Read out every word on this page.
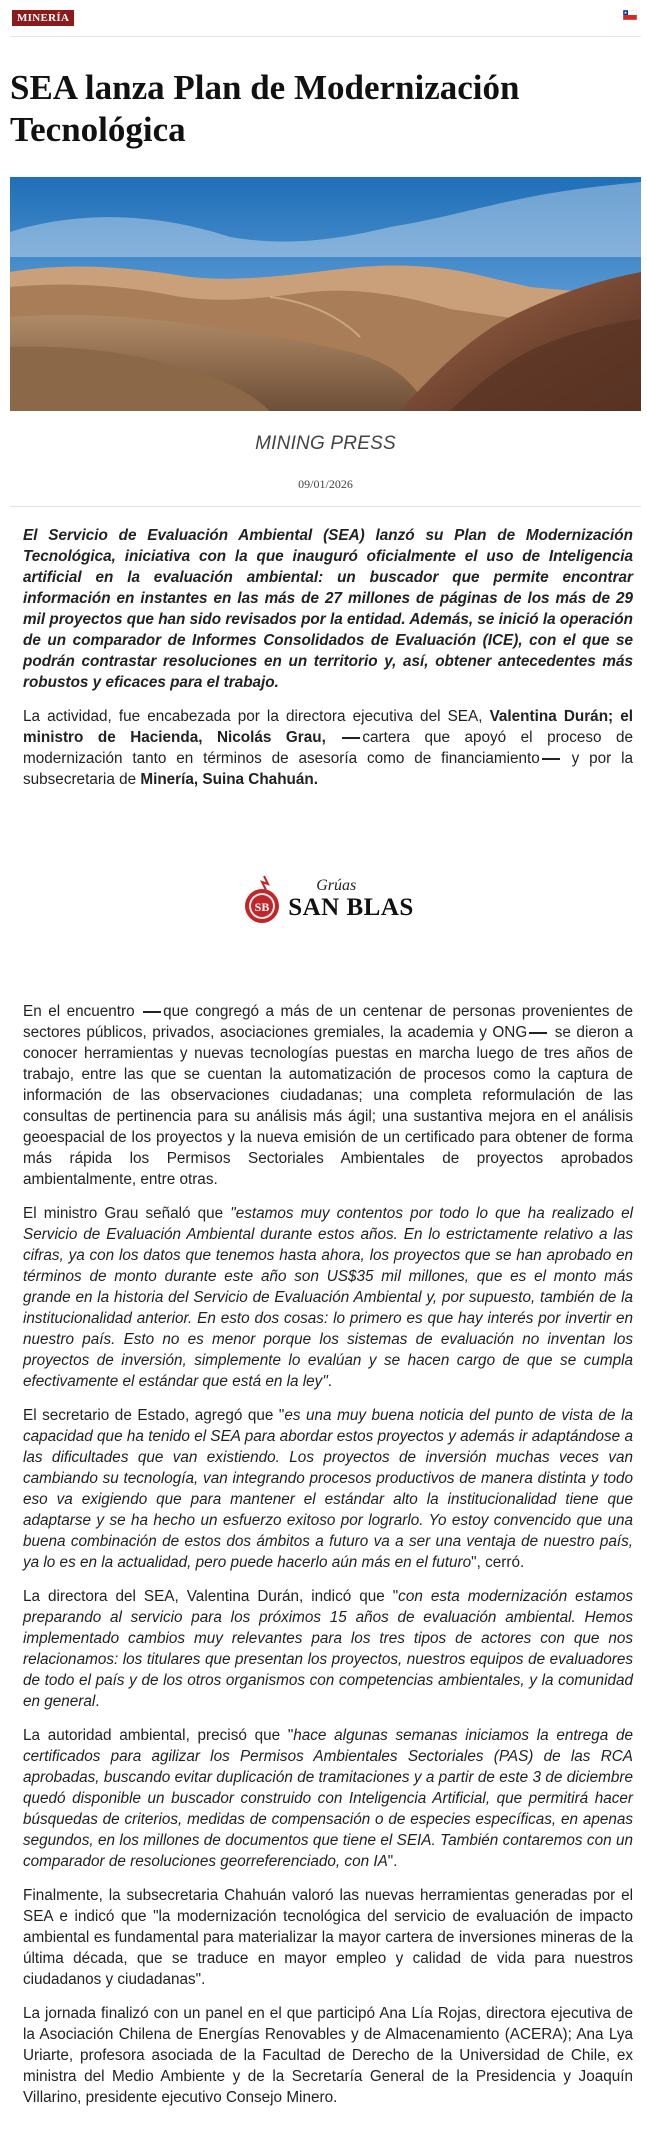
MINERÍA
SEA lanza Plan de Modernización Tecnológica
MINING PRESS
09/01/2026

El Servicio de Evaluación Ambiental (SEA) lanzó su Plan de Modernización Tecnológica, iniciativa con la que inauguró oficialmente el uso de Inteligencia artificial en la evaluación ambiental: un buscador que permite encontrar información en instantes en las más de 27 millones de páginas de los más de 29 mil proyectos que han sido revisados por la entidad. Además, se inició la operación de un comparador de Informes Consolidados de Evaluación (ICE), con el que se podrán contrastar resoluciones en un territorio y, así, obtener antecedentes más robustos y eficaces para el trabajo.

La actividad, fue encabezada por la directora ejecutiva del SEA, Valentina Durán; el ministro de Hacienda, Nicolás Grau, cartera que apoyó el proceso de modernización tanto en términos de asesoría como de financiamiento y por la subsecretaria de Minería, Suina Chahuán.

SB
Grúas
SAN BLAS

En el encuentro que congregó a más de un centenar de personas provenientes de sectores públicos, privados, asociaciones gremiales, la academia y ONG se dieron a conocer herramientas y nuevas tecnologías puestas en marcha luego de tres años de trabajo, entre las que se cuentan la automatización de procesos como la captura de información de las observaciones ciudadanas; una completa reformulación de las consultas de pertinencia para su análisis más ágil; una sustantiva mejora en el análisis geoespacial de los proyectos y la nueva emisión de un certificado para obtener de forma más rápida los Permisos Sectoriales Ambientales de proyectos aprobados ambientalmente, entre otras.

El ministro Grau señaló que "estamos muy contentos por todo lo que ha realizado el Servicio de Evaluación Ambiental durante estos años. En lo estrictamente relativo a las cifras, ya con los datos que tenemos hasta ahora, los proyectos que se han aprobado en términos de monto durante este año son US$35 mil millones, que es el monto más grande en la historia del Servicio de Evaluación Ambiental y, por supuesto, también de la institucionalidad anterior. En esto dos cosas: lo primero es que hay interés por invertir en nuestro país. Esto no es menor porque los sistemas de evaluación no inventan los proyectos de inversión, simplemente lo evalúan y se hacen cargo de que se cumpla efectivamente el estándar que está en la ley".

El secretario de Estado, agregó que "es una muy buena noticia del punto de vista de la capacidad que ha tenido el SEA para abordar estos proyectos y además ir adaptándose a las dificultades que van existiendo. Los proyectos de inversión muchas veces van cambiando su tecnología, van integrando procesos productivos de manera distinta y todo eso va exigiendo que para mantener el estándar alto la institucionalidad tiene que adaptarse y se ha hecho un esfuerzo exitoso por lograrlo. Yo estoy convencido que una buena combinación de estos dos ámbitos a futuro va a ser una ventaja de nuestro país, ya lo es en la actualidad, pero puede hacerlo aún más en el futuro", cerró.

La directora del SEA, Valentina Durán, indicó que "con esta modernización estamos preparando al servicio para los próximos 15 años de evaluación ambiental. Hemos implementado cambios muy relevantes para los tres tipos de actores con que nos relacionamos: los titulares que presentan los proyectos, nuestros equipos de evaluadores de todo el país y de los otros organismos con competencias ambientales, y la comunidad en general.

La autoridad ambiental, precisó que "hace algunas semanas iniciamos la entrega de certificados para agilizar los Permisos Ambientales Sectoriales (PAS) de las RCA aprobadas, buscando evitar duplicación de tramitaciones y a partir de este 3 de diciembre quedó disponible un buscador construido con Inteligencia Artificial, que permitirá hacer búsquedas de criterios, medidas de compensación o de especies específicas, en apenas segundos, en los millones de documentos que tiene el SEIA. También contaremos con un comparador de resoluciones georreferenciado, con IA".

Finalmente, la subsecretaria Chahuán valoró las nuevas herramientas generadas por el SEA e indicó que "la modernización tecnológica del servicio de evaluación de impacto ambiental es fundamental para materializar la mayor cartera de inversiones mineras de la última década, que se traduce en mayor empleo y calidad de vida para nuestros ciudadanos y ciudadanas".

La jornada finalizó con un panel en el que participó Ana Lía Rojas, directora ejecutiva de la Asociación Chilena de Energías Renovables y de Almacenamiento (ACERA); Ana Lya Uriarte, profesora asociada de la Facultad de Derecho de la Universidad de Chile, ex ministra del Medio Ambiente y de la Secretaría General de la Presidencia y Joaquín Villarino, presidente ejecutivo Consejo Minero.
